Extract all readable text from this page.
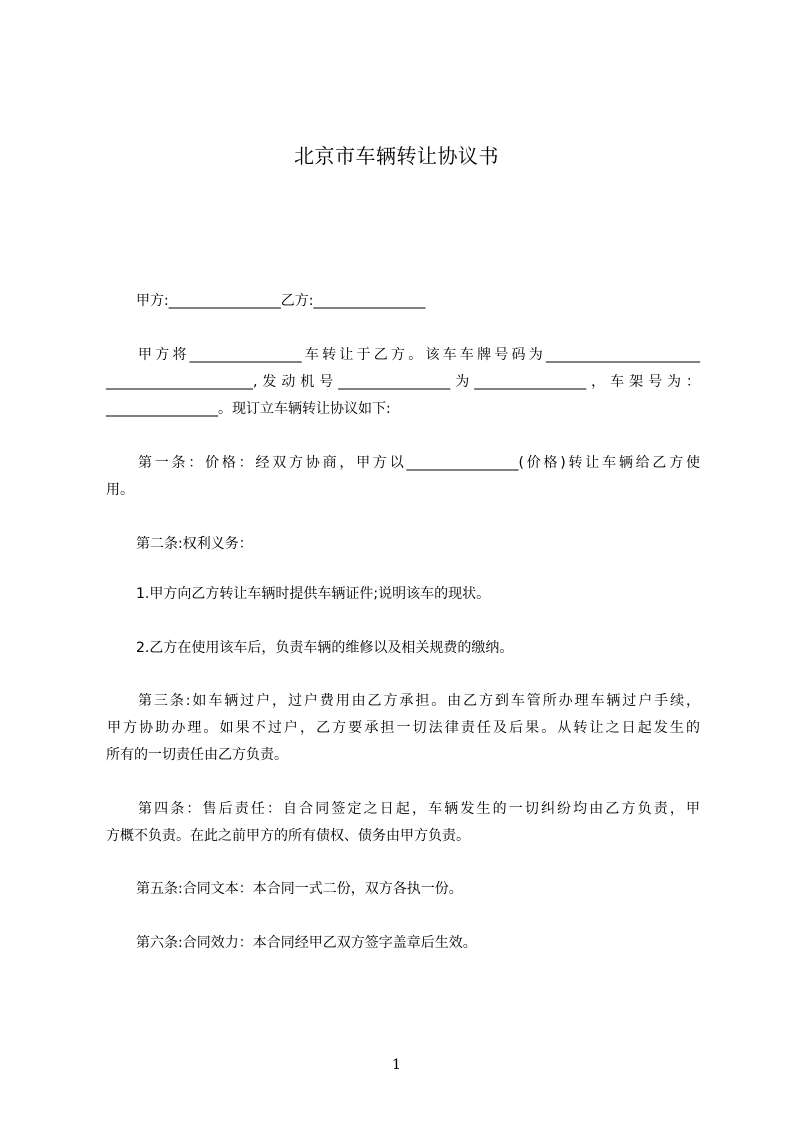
北京市车辆转让协议书
甲方:________________乙方:________________
甲方将________________车转让于乙方。该车车牌号码为______________________
_____________________,发动机号________________为________________，车架号为：
________________。现订立车辆转让协议如下:
第一条：价格：经双方协商，甲方以________________(价格)转让车辆给乙方使
用。
第二条:权利义务：
1.甲方向乙方转让车辆时提供车辆证件;说明该车的现状。
2.乙方在使用该车后，负责车辆的维修以及相关规费的缴纳。
第三条:如车辆过户，过户费用由乙方承担。由乙方到车管所办理车辆过户手续，
甲方协助办理。如果不过户，乙方要承担一切法律责任及后果。从转让之日起发生的
所有的一切责任由乙方负责。
第四条：售后责任：自合同签定之日起，车辆发生的一切纠纷均由乙方负责，甲
方概不负责。在此之前甲方的所有债权、债务由甲方负责。
第五条:合同文本：本合同一式二份，双方各执一份。
第六条:合同效力：本合同经甲乙双方签字盖章后生效。
1
